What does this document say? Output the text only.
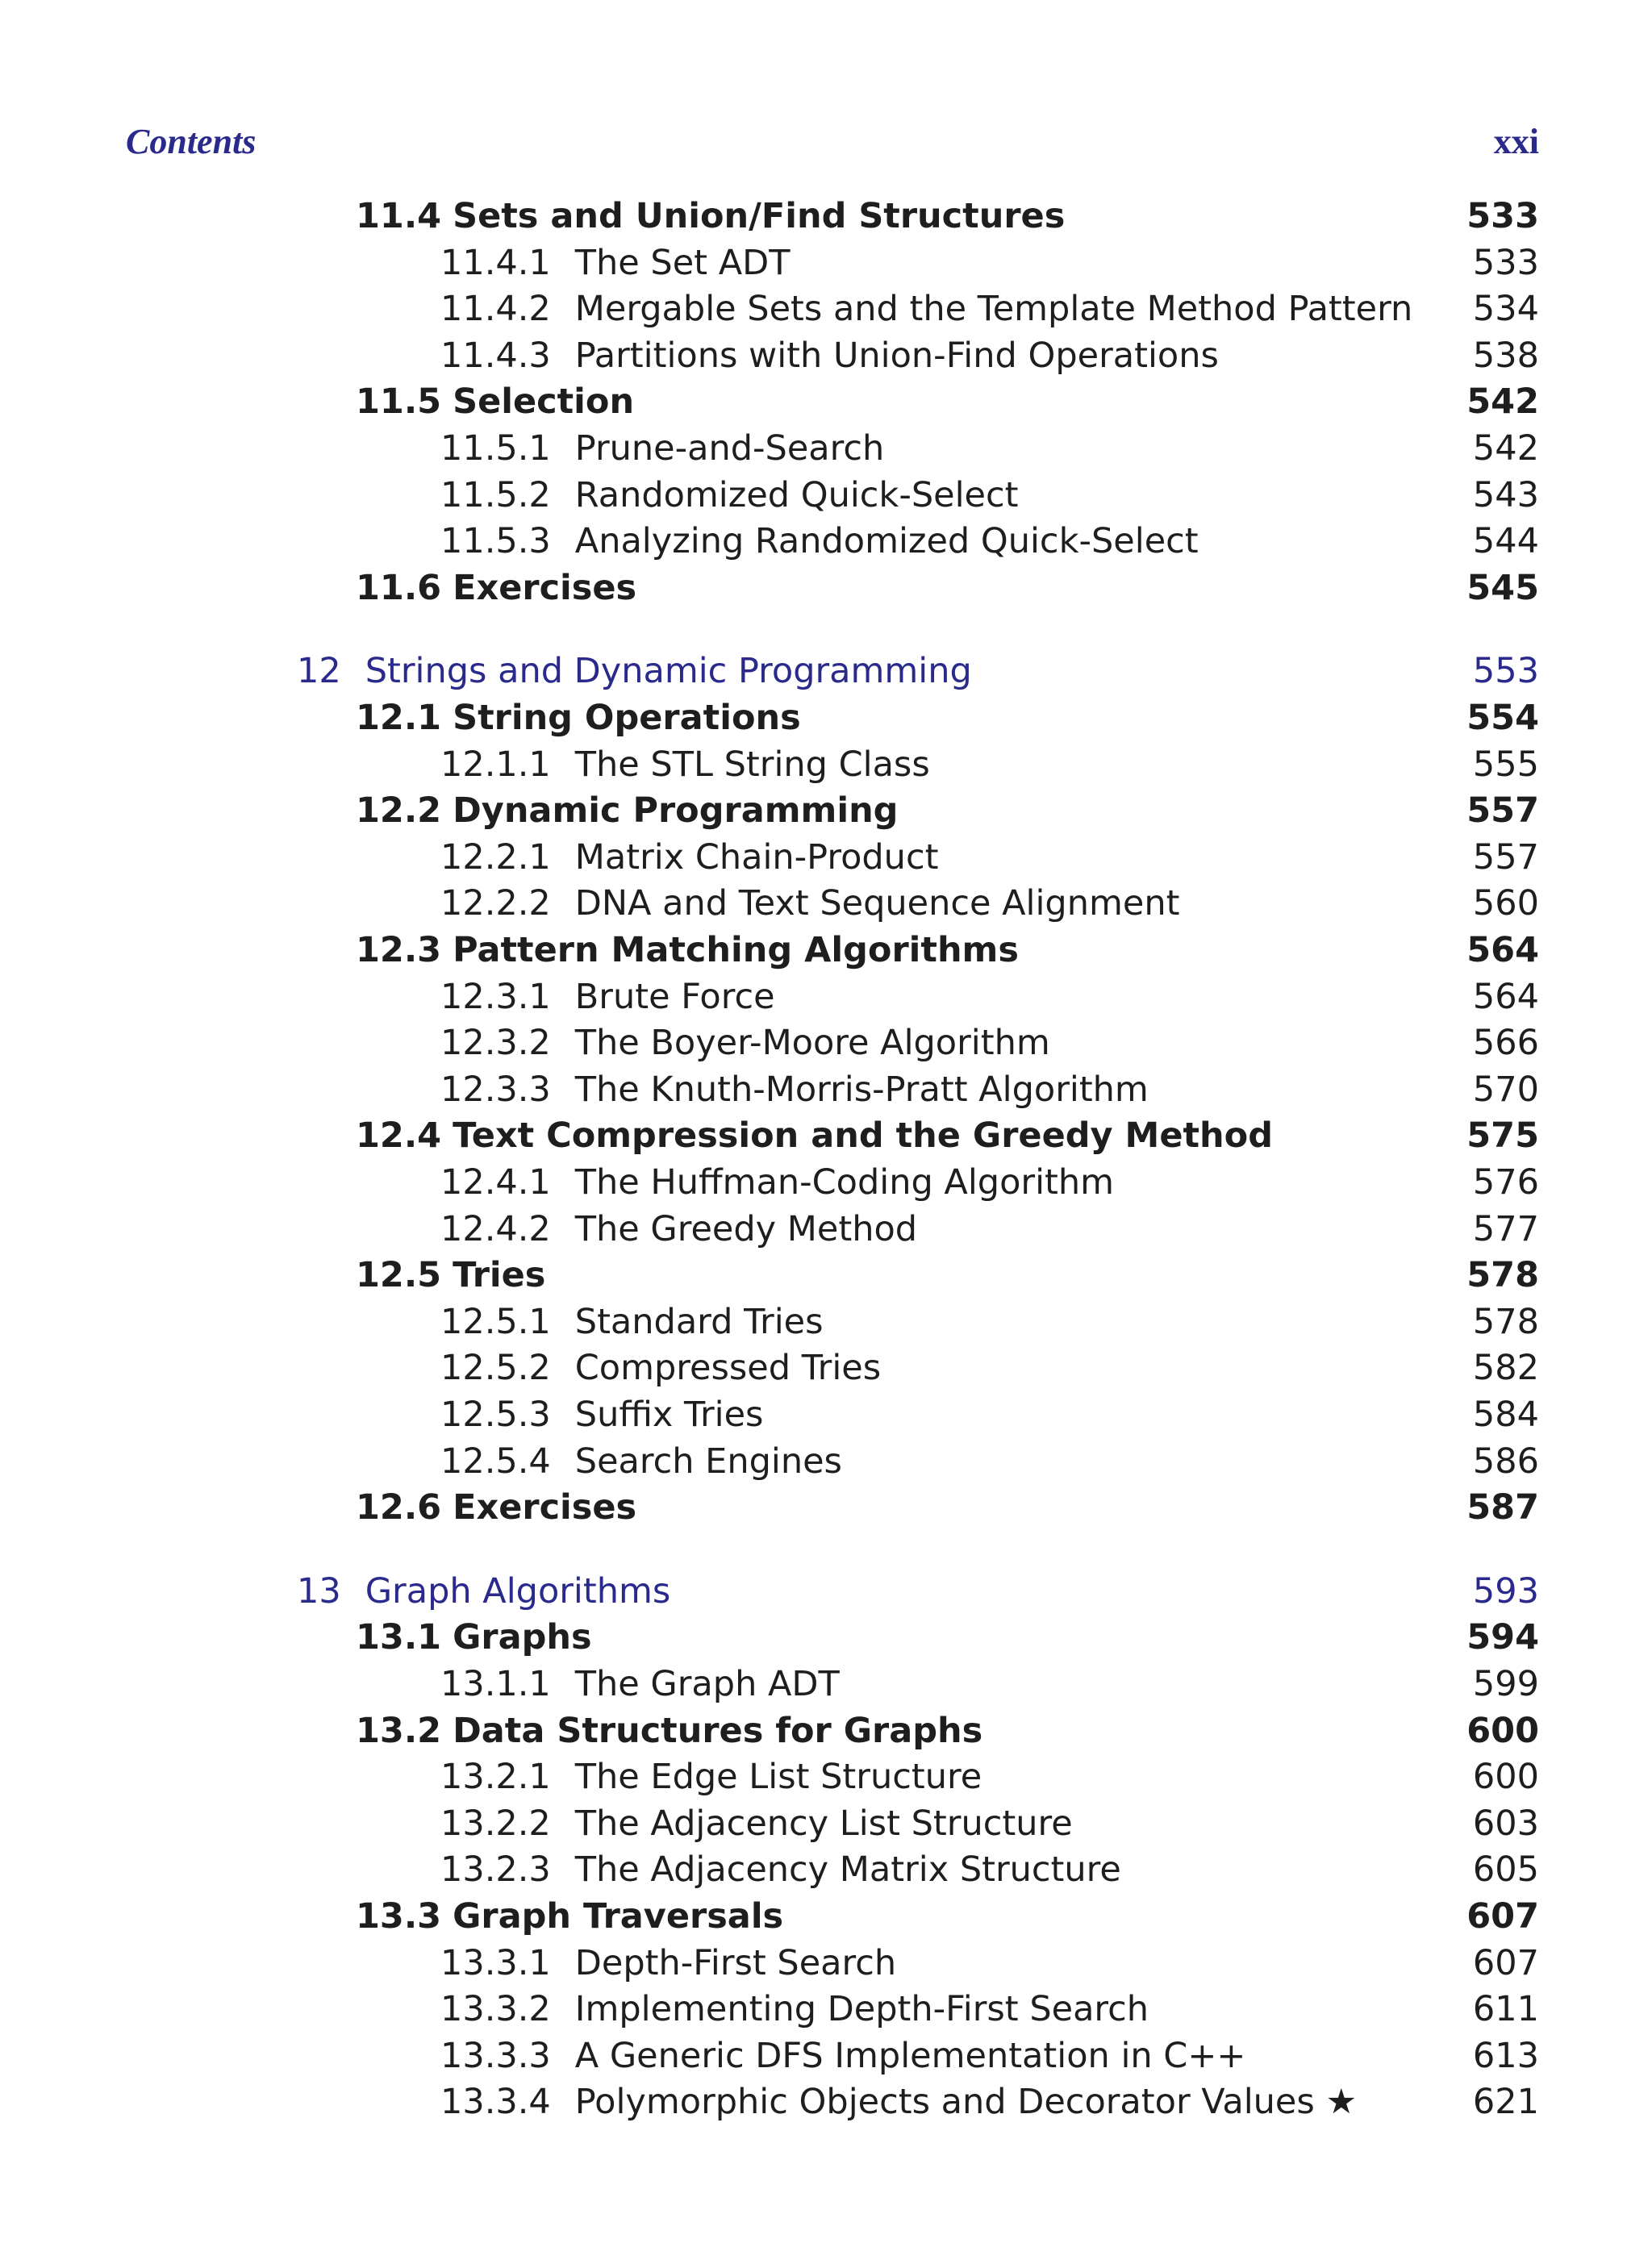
Contents	xxi
11.4 Sets and Union/Find Structures	533
11.4.1 The Set ADT	533
11.4.2 Mergable Sets and the Template Method Pattern 534
11.4.3 Partitions with Union-Find Operations	538
11.5 Selection	542
11.5.1 Prune-and-Search	542
11.5.2 Randomized Quick-Select	543
11.5.3 Analyzing Randomized Quick-Select	544
11.6 Exercises	545
12 Strings and Dynamic Programming	553
12.1 String Operations	554
12.1.1 The STL String Class	555
12.2 Dynamic Programming	557
12.2.1 Matrix Chain-Product	557
12.2.2 DNA and Text Sequence Alignment	560
12.3 Pattern Matching Algorithms	564
12.3.1 Brute Force	564
12.3.2 The Boyer-Moore Algorithm	566
12.3.3 The Knuth-Morris-Pratt Algorithm	570
12.4 Text Compression and the Greedy Method	575
12.4.1 The Huffman-Coding Algorithm	576
12.4.2 The Greedy Method	577
12.5 Tries	578
12.5.1 Standard Tries	578
12.5.2 Compressed Tries	582
12.5.3 Suffix Tries	584
12.5.4 Search Engines	586
12.6 Exercises	587
13 Graph Algorithms	593
13.1 Graphs	594
13.1.1 The Graph ADT	599
13.2 Data Structures for Graphs	600
13.2.1 The Edge List Structure	600
13.2.2 The Adjacency List Structure	603
13.2.3 The Adjacency Matrix Structure	605
13.3 Graph Traversals	607
13.3.1 Depth-First Search	607
13.3.2 Implementing Depth-First Search	611
13.3.3 A Generic DFS Implementation in C++	613
13.3.4 Polymorphic Objects and Decorator Values ★	621
